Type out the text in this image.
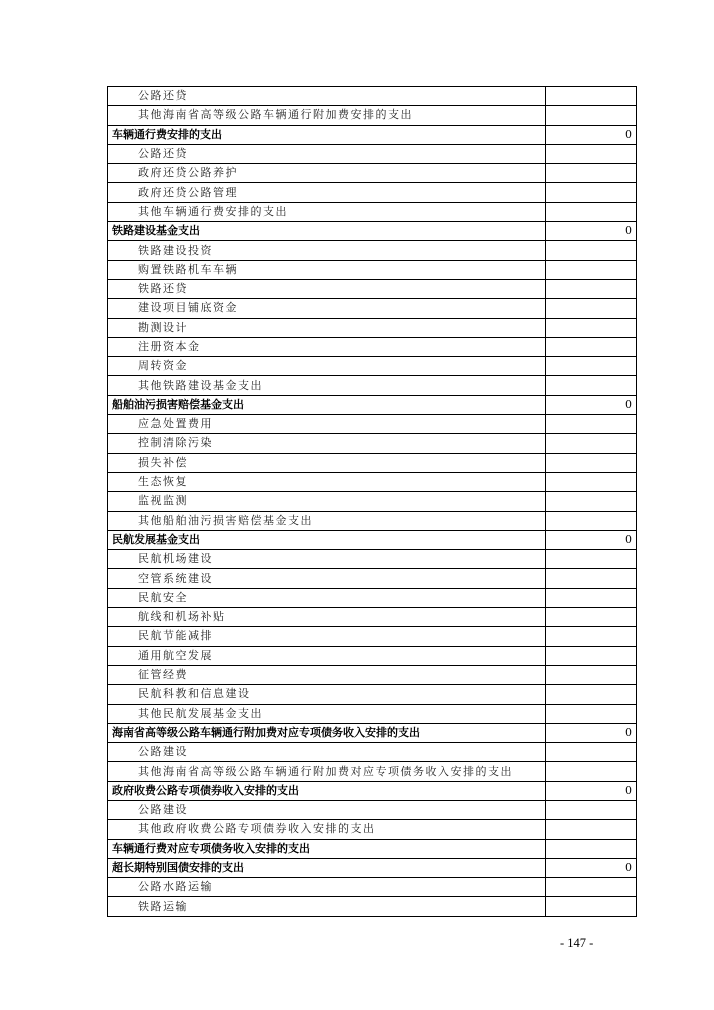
公路还贷	
其他海南省高等级公路车辆通行附加费安排的支出	
车辆通行费安排的支出	0
公路还贷	
政府还贷公路养护	
政府还贷公路管理	
其他车辆通行费安排的支出	
铁路建设基金支出	0
铁路建设投资	
购置铁路机车车辆	
铁路还贷	
建设项目铺底资金	
勘测设计	
注册资本金	
周转资金	
其他铁路建设基金支出	
船舶油污损害赔偿基金支出	0
应急处置费用	
控制清除污染	
损失补偿	
生态恢复	
监视监测	
其他船舶油污损害赔偿基金支出	
民航发展基金支出	0
民航机场建设	
空管系统建设	
民航安全	
航线和机场补贴	
民航节能减排	
通用航空发展	
征管经费	
民航科教和信息建设	
其他民航发展基金支出	
海南省高等级公路车辆通行附加费对应专项债务收入安排的支出	0
公路建设	
其他海南省高等级公路车辆通行附加费对应专项债务收入安排的支出	
政府收费公路专项债券收入安排的支出	0
公路建设	
其他政府收费公路专项债券收入安排的支出	
车辆通行费对应专项债务收入安排的支出	
超长期特别国债安排的支出	0
公路水路运输	
铁路运输	
- 147 -
